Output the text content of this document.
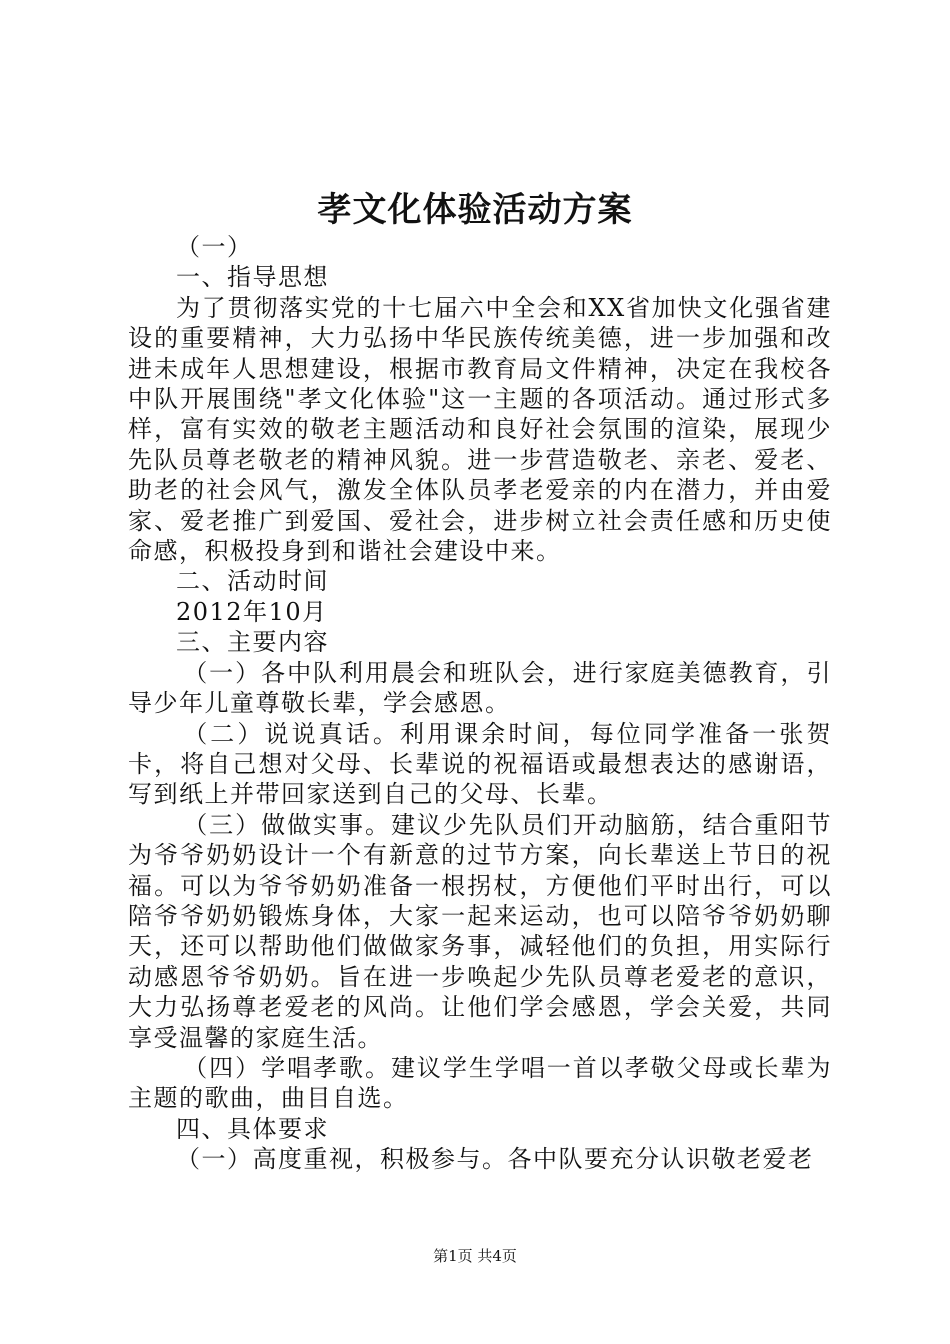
孝文化体验活动方案

（一）

一、指导思想

为了贯彻落实党的十七届六中全会和XX省加快文化强省建设的重要精神，大力弘扬中华民族传统美德，进一步加强和改进未成年人思想建设，根据市教育局文件精神，决定在我校各中队开展围绕"孝文化体验"这一主题的各项活动。通过形式多样，富有实效的敬老主题活动和良好社会氛围的渲染，展现少先队员尊老敬老的精神风貌。进一步营造敬老、亲老、爱老、助老的社会风气，激发全体队员孝老爱亲的内在潜力，并由爱家、爱老推广到爱国、爱社会，进步树立社会责任感和历史使命感，积极投身到和谐社会建设中来。

二、活动时间

2012年10月

三、主要内容

（一）各中队利用晨会和班队会，进行家庭美德教育，引导少年儿童尊敬长辈，学会感恩。

（二）说说真话。利用课余时间，每位同学准备一张贺卡，将自己想对父母、长辈说的祝福语或最想表达的感谢语，写到纸上并带回家送到自己的父母、长辈。

（三）做做实事。建议少先队员们开动脑筋，结合重阳节为爷爷奶奶设计一个有新意的过节方案，向长辈送上节日的祝福。可以为爷爷奶奶准备一根拐杖，方便他们平时出行，可以陪爷爷奶奶锻炼身体，大家一起来运动，也可以陪爷爷奶奶聊天，还可以帮助他们做做家务事，减轻他们的负担，用实际行动感恩爷爷奶奶。旨在进一步唤起少先队员尊老爱老的意识，大力弘扬尊老爱老的风尚。让他们学会感恩，学会关爱，共同享受温馨的家庭生活。

（四）学唱孝歌。建议学生学唱一首以孝敬父母或长辈为主题的歌曲，曲目自选。

四、具体要求

（一）高度重视，积极参与。各中队要充分认识敬老爱老

第1页 共4页
